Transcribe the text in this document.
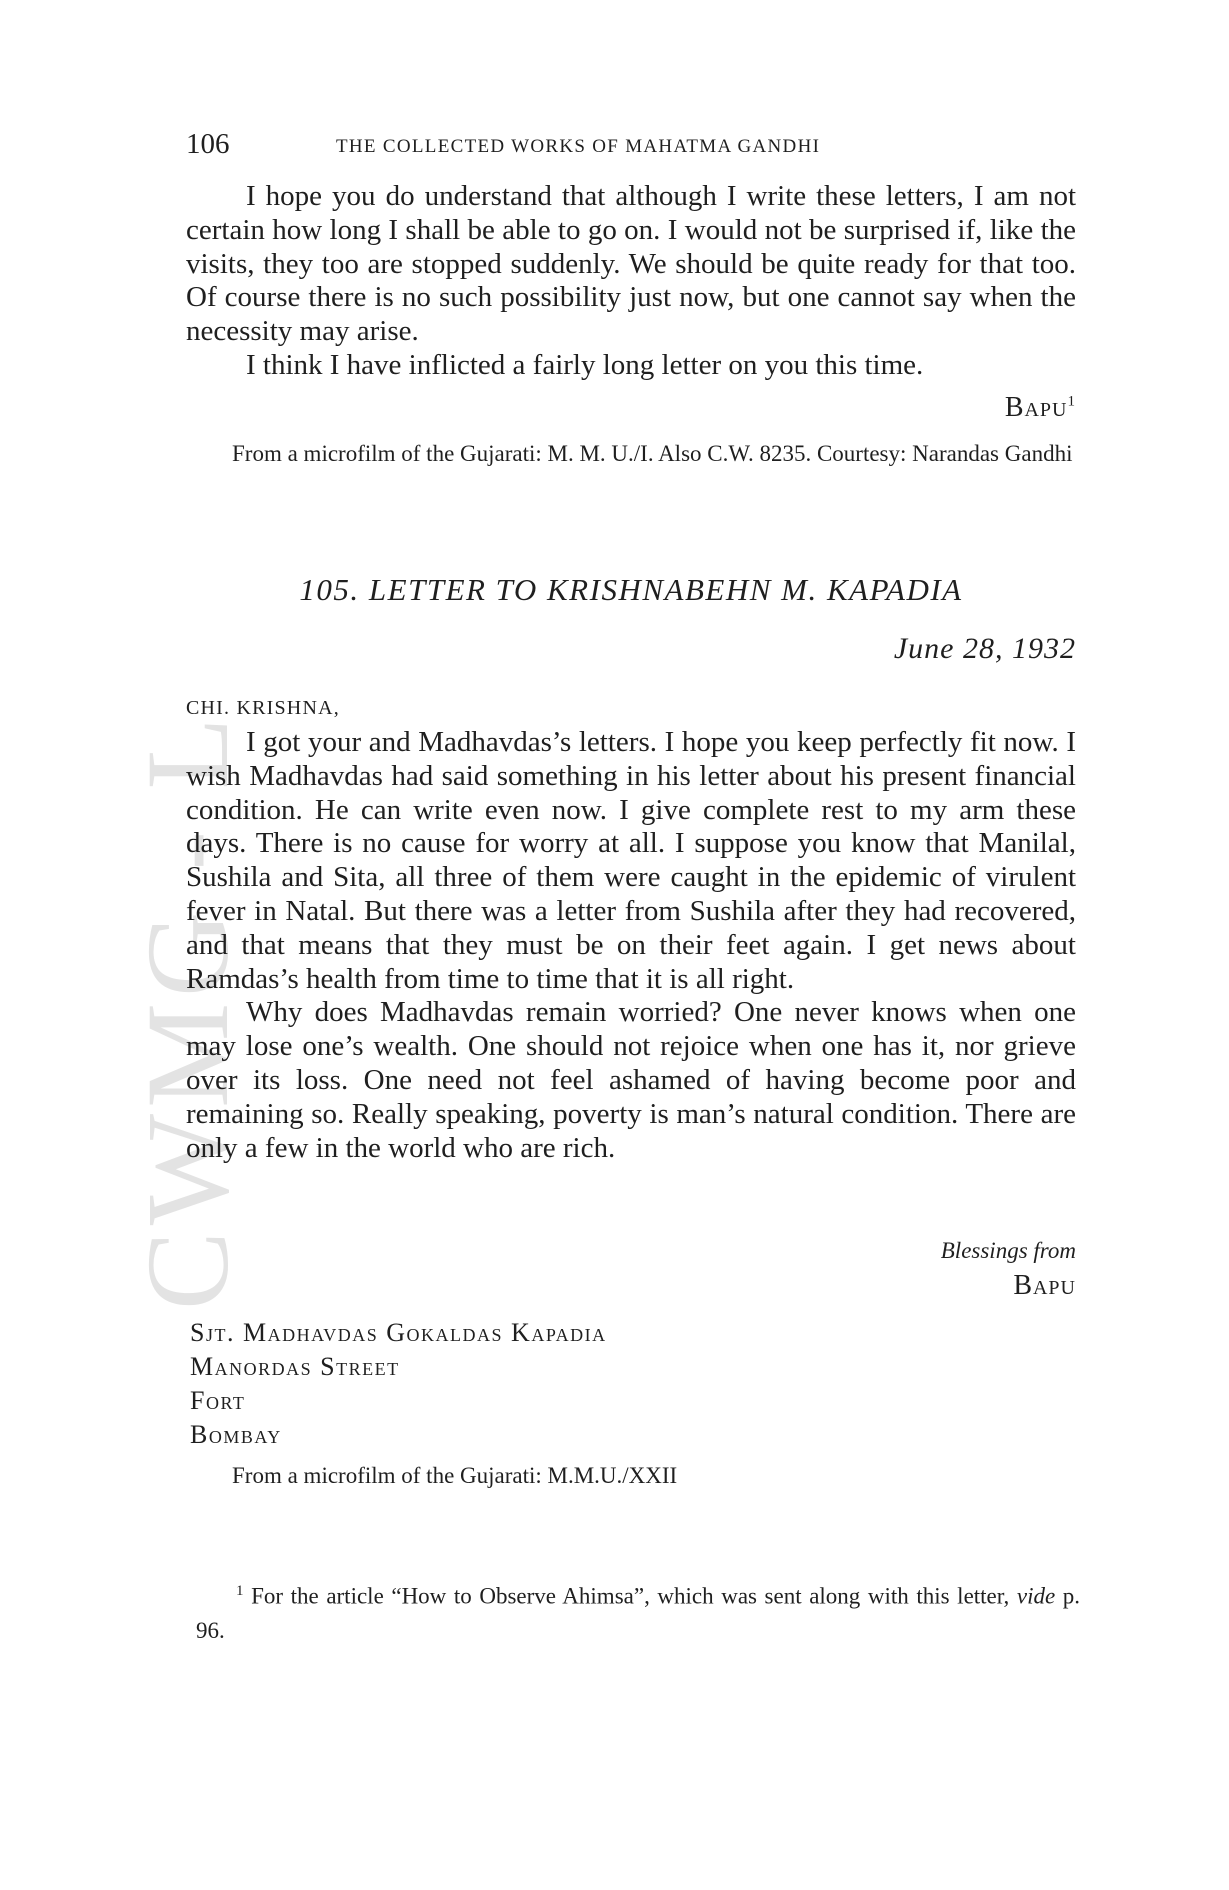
CWMG - L
106	THE COLLECTED WORKS OF MAHATMA GANDHI

I hope you do understand that although I write these letters, I am not certain how long I shall be able to go on. I would not be surprised if, like the visits, they too are stopped suddenly. We should be quite ready for that too. Of course there is no such possibility just now, but one cannot say when the necessity may arise.

I think I have inflicted a fairly long letter on you this time.

Bapu$^1$

From a microfilm of the Gujarati: M. M. U./I. Also C.W. 8235. Courtesy: Narandas Gandhi

105. LETTER TO KRISHNABEHN M. KAPADIA
June 28, 1932
CHI. KRISHNA,

I got your and Madhavdas’s letters. I hope you keep perfectly fit now. I wish Madhavdas had said something in his letter about his present financial condition. He can write even now. I give complete rest to my arm these days. There is no cause for worry at all. I suppose you know that Manilal, Sushila and Sita, all three of them were caught in the epidemic of virulent fever in Natal. But there was a letter from Sushila after they had recovered, and that means that they must be on their feet again. I get news about Ramdas’s health from time to time that it is all right.

Why does Madhavdas remain worried? One never knows when one may lose one’s wealth. One should not rejoice when one has it, nor grieve over its loss. One need not feel ashamed of having become poor and remaining so. Really speaking, poverty is man’s natural condition. There are only a few in the world who are rich.

Blessings from
Bapu
Sjt. Madhavdas Gokaldas Kapadia
Manordas Street
Fort
Bombay

From a microfilm of the Gujarati: M.M.U./XXII

$^1$ For the article “How to Observe Ahimsa”, which was sent along with this letter, vide p. 96.
